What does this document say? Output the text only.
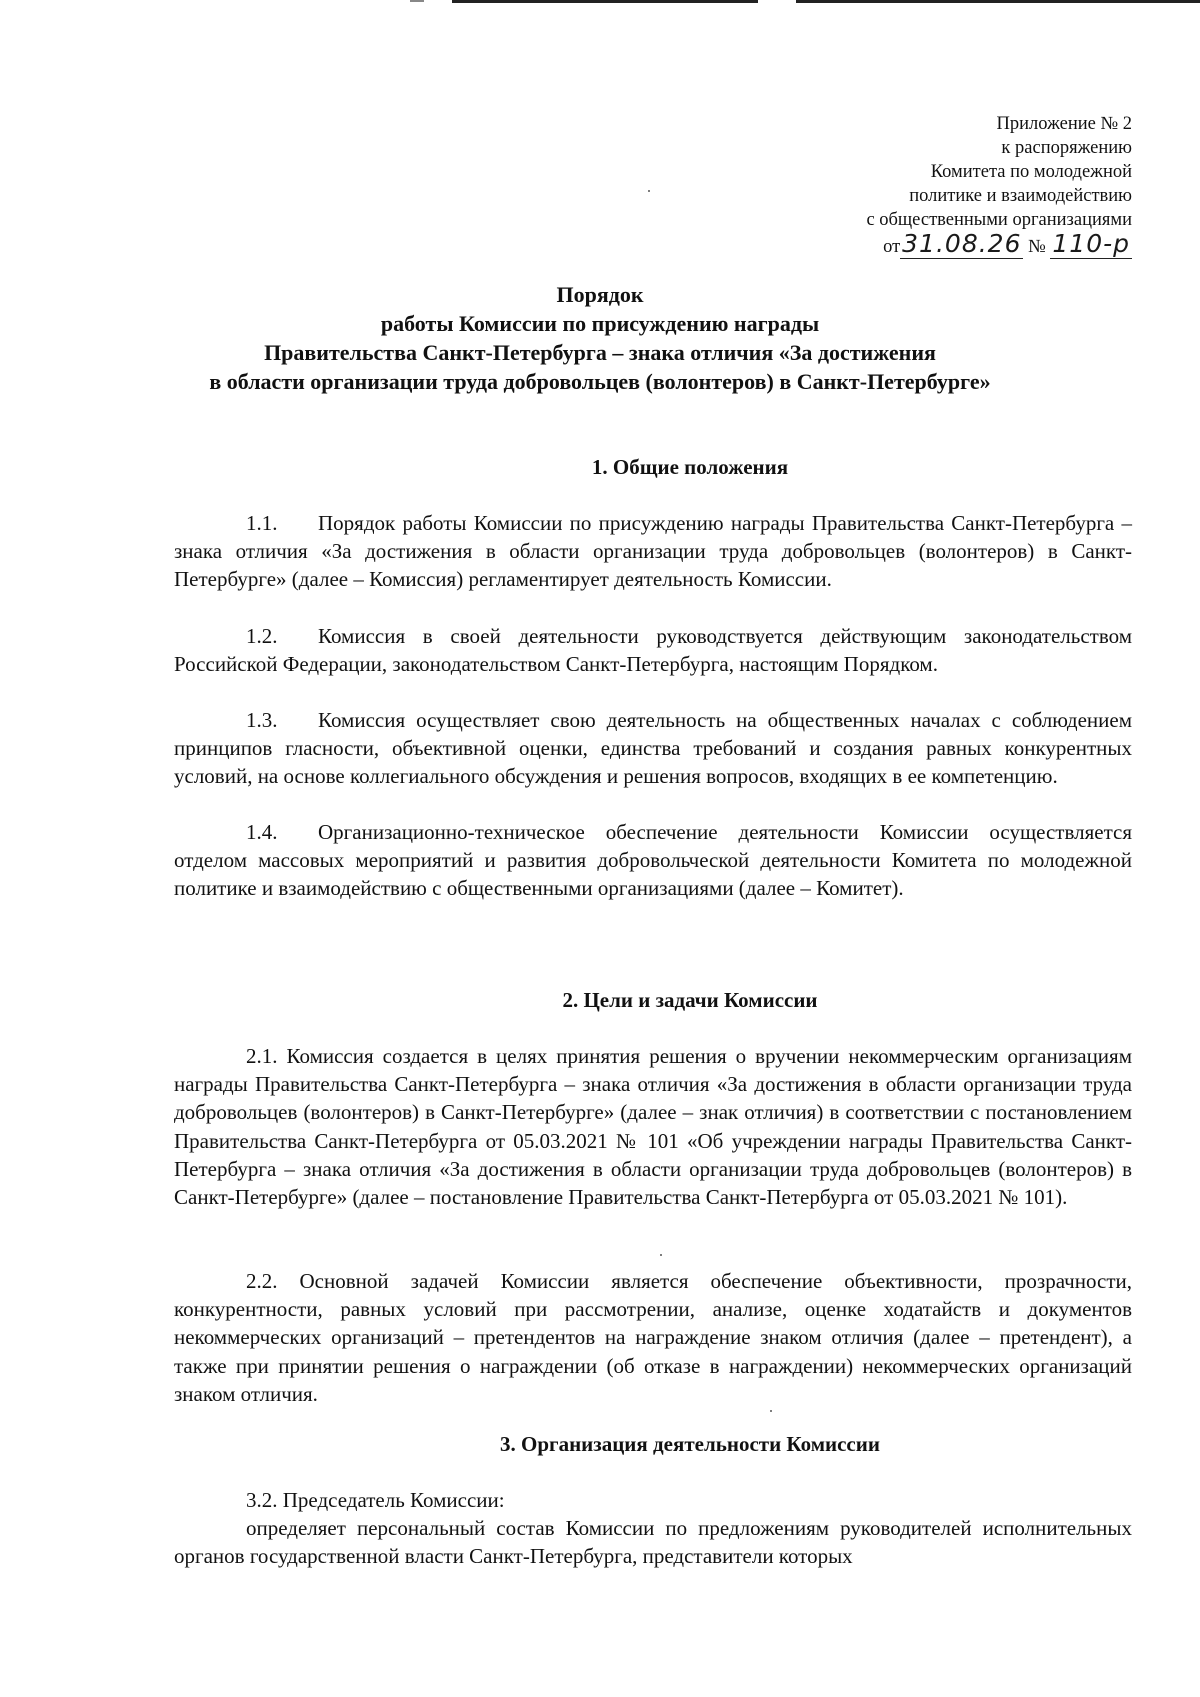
Приложение № 2
к распоряжению
Комитета по молодежной
политике и взаимодействию
с общественными организациями
от31.08.26 № 110-р
Порядок
работы Комиссии по присуждению награды
Правительства Санкт-Петербурга – знака отличия «За достижения
в области организации труда добровольцев (волонтеров) в Санкт-Петербурге»
1. Общие положения
1.1. Порядок работы Комиссии по присуждению награды Правительства Санкт-Петербурга – знака отличия «За достижения в области организации труда добровольцев (волонтеров) в Санкт-Петербурге» (далее – Комиссия) регламентирует деятельность Комиссии.
1.2. Комиссия в своей деятельности руководствуется действующим законодательством Российской Федерации, законодательством Санкт-Петербурга, настоящим Порядком.
1.3. Комиссия осуществляет свою деятельность на общественных началах с соблюдением принципов гласности, объективной оценки, единства требований и создания равных конкурентных условий, на основе коллегиального обсуждения и решения вопросов, входящих в ее компетенцию.
1.4. Организационно-техническое обеспечение деятельности Комиссии осуществляется отделом массовых мероприятий и развития добровольческой деятельности Комитета по молодежной политике и взаимодействию с общественными организациями (далее – Комитет).
2. Цели и задачи Комиссии
2.1. Комиссия создается в целях принятия решения о вручении некоммерческим организациям награды Правительства Санкт-Петербурга – знака отличия «За достижения в области организации труда добровольцев (волонтеров) в Санкт-Петербурге» (далее – знак отличия) в соответствии с постановлением Правительства Санкт-Петербурга от 05.03.2021 № 101 «Об учреждении награды Правительства Санкт-Петербурга – знака отличия «За достижения в области организации труда добровольцев (волонтеров) в Санкт-Петербурге» (далее – постановление Правительства Санкт-Петербурга от 05.03.2021 № 101).
2.2. Основной задачей Комиссии является обеспечение объективности, прозрачности, конкурентности, равных условий при рассмотрении, анализе, оценке ходатайств и документов некоммерческих организаций – претендентов на награждение знаком отличия (далее – претендент), а также при принятии решения о награждении (об отказе в награждении) некоммерческих организаций знаком отличия.
3. Организация деятельности Комиссии
3.2. Председатель Комиссии:
определяет персональный состав Комиссии по предложениям руководителей исполнительных органов государственной власти Санкт-Петербурга, представители которых
